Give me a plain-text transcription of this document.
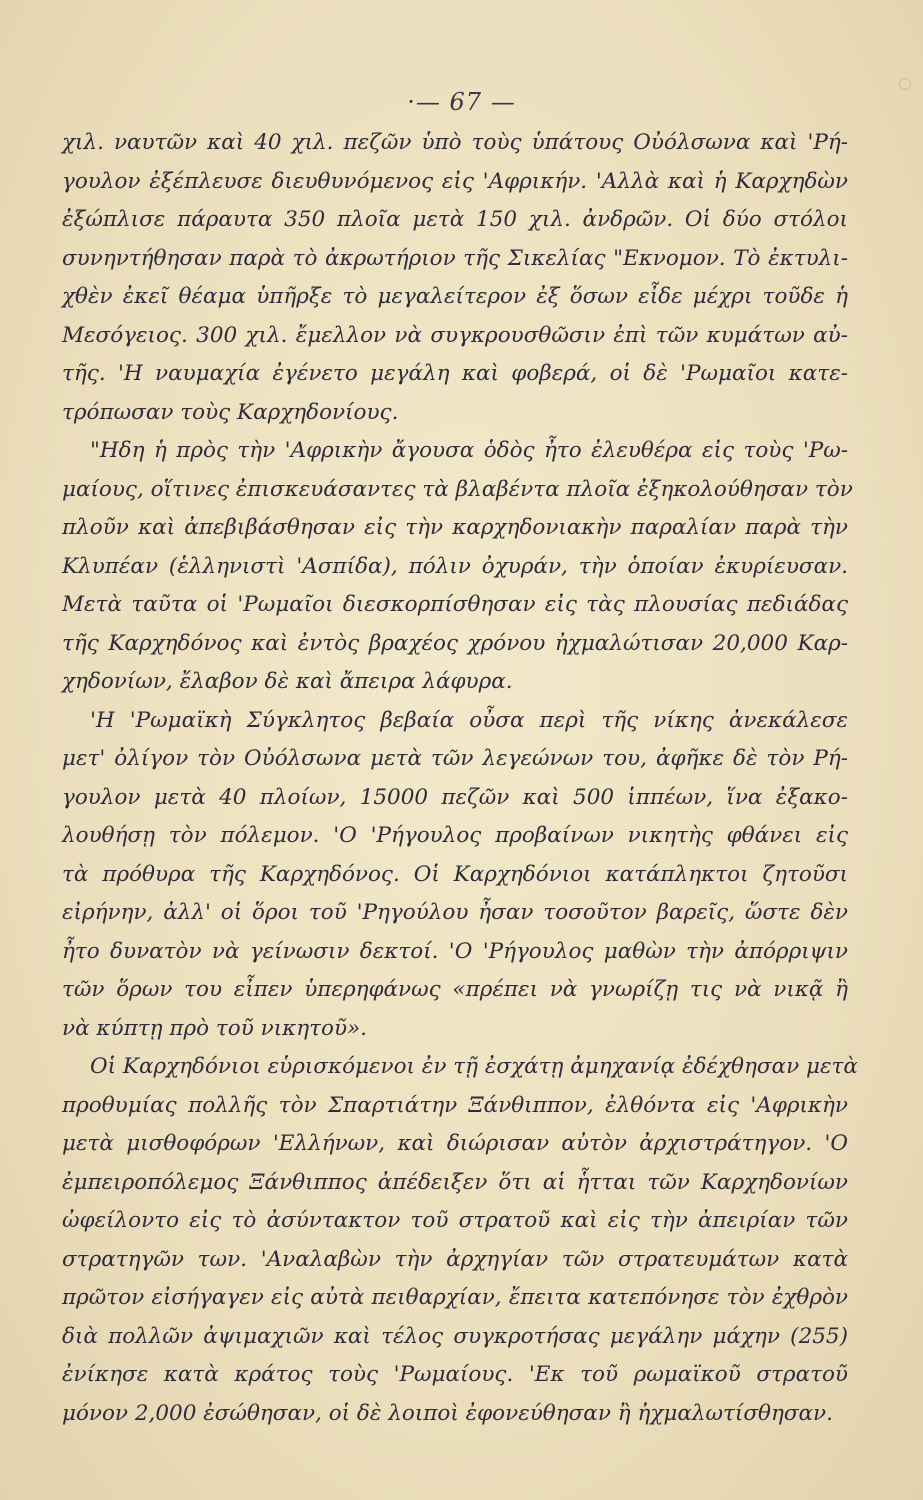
·— 67 —
χιλ. ναυτῶν καὶ 40 χιλ. πεζῶν ὑπὸ τοὺς ὑπάτους Οὐόλσωνα καὶ 'Ρή-
γουλον ἐξέπλευσε διευθυνόμενος εἰς 'Αφρικήν. 'Αλλὰ καὶ ἡ Καρχηδὼν
ἐξώπλισε πάραυτα 350 πλοῖα μετὰ 150 χιλ. ἀνδρῶν. Οἱ δύο στόλοι
συνηντήθησαν παρὰ τὸ ἀκρωτήριον τῆς Σικελίας "Εκνομον. Τὸ ἐκτυλι-
χθὲν ἐκεῖ θέαμα ὑπῆρξε τὸ μεγαλείτερον ἐξ ὅσων εἶδε μέχρι τοῦδε ἡ
Μεσόγειος. 300 χιλ. ἔμελλον νὰ συγκρουσθῶσιν ἐπὶ τῶν κυμάτων αὐ-
τῆς. 'Η ναυμαχία ἐγένετο μεγάλη καὶ φοβερά, οἱ δὲ 'Ρωμαῖοι κατε-
τρόπωσαν τοὺς Καρχηδονίους.
"Ηδη ἡ πρὸς τὴν 'Αφρικὴν ἄγουσα ὁδὸς ἦτο ἐλευθέρα εἰς τοὺς 'Ρω-
μαίους, οἵτινες ἐπισκευάσαντες τὰ βλαβέντα πλοῖα ἐξηκολούθησαν τὸν
πλοῦν καὶ ἀπεβιβάσθησαν εἰς τὴν καρχηδονιακὴν παραλίαν παρὰ τὴν
Κλυπέαν (ἑλληνιστὶ 'Ασπίδα), πόλιν ὀχυράν, τὴν ὁποίαν ἐκυρίευσαν.
Μετὰ ταῦτα οἱ 'Ρωμαῖοι διεσκορπίσθησαν εἰς τὰς πλουσίας πεδιάδας
τῆς Καρχηδόνος καὶ ἐντὸς βραχέος χρόνου ἠχμαλώτισαν 20,000 Καρ-
χηδονίων, ἔλαβον δὲ καὶ ἄπειρα λάφυρα.
'Η 'Ρωμαϊκὴ Σύγκλητος βεβαία οὖσα περὶ τῆς νίκης ἀνεκάλεσε
μετ' ὀλίγον τὸν Οὐόλσωνα μετὰ τῶν λεγεώνων του, ἀφῆκε δὲ τὸν Ρή-
γουλον μετὰ 40 πλοίων, 15000 πεζῶν καὶ 500 ἱππέων, ἵνα ἐξακο-
λουθήσῃ τὸν πόλεμον. 'Ο 'Ρήγουλος προβαίνων νικητὴς φθάνει εἰς
τὰ πρόθυρα τῆς Καρχηδόνος. Οἱ Καρχηδόνιοι κατάπληκτοι ζητοῦσι
εἰρήνην, ἀλλ' οἱ ὅροι τοῦ 'Ρηγούλου ἦσαν τοσοῦτον βαρεῖς, ὥστε δὲν
ἦτο δυνατὸν νὰ γείνωσιν δεκτοί. 'Ο 'Ρήγουλος μαθὼν τὴν ἀπόρριψιν
τῶν ὅρων του εἶπεν ὑπερηφάνως «πρέπει νὰ γνωρίζῃ τις νὰ νικᾷ ἢ
νὰ κύπτῃ πρὸ τοῦ νικητοῦ».
Οἱ Καρχηδόνιοι εὑρισκόμενοι ἐν τῇ ἐσχάτῃ ἀμηχανίᾳ ἐδέχθησαν μετὰ
προθυμίας πολλῆς τὸν Σπαρτιάτην Ξάνθιππον, ἐλθόντα εἰς 'Αφρικὴν
μετὰ μισθοφόρων 'Ελλήνων, καὶ διώρισαν αὐτὸν ἀρχιστράτηγον. 'Ο
ἐμπειροπόλεμος Ξάνθιππος ἀπέδειξεν ὅτι αἱ ἧτται τῶν Καρχηδονίων
ὠφείλοντο εἰς τὸ ἀσύντακτον τοῦ στρατοῦ καὶ εἰς τὴν ἀπειρίαν τῶν
στρατηγῶν των. 'Αναλαβὼν τὴν ἀρχηγίαν τῶν στρατευμάτων κατὰ
πρῶτον εἰσήγαγεν εἰς αὐτὰ πειθαρχίαν, ἔπειτα κατεπόνησε τὸν ἐχθρὸν
διὰ πολλῶν ἀψιμαχιῶν καὶ τέλος συγκροτήσας μεγάλην μάχην (255)
ἐνίκησε κατὰ κράτος τοὺς 'Ρωμαίους. 'Εκ τοῦ ρωμαϊκοῦ στρατοῦ
μόνον 2,000 ἐσώθησαν, οἱ δὲ λοιποὶ ἐφονεύθησαν ἢ ἠχμαλωτίσθησαν.
